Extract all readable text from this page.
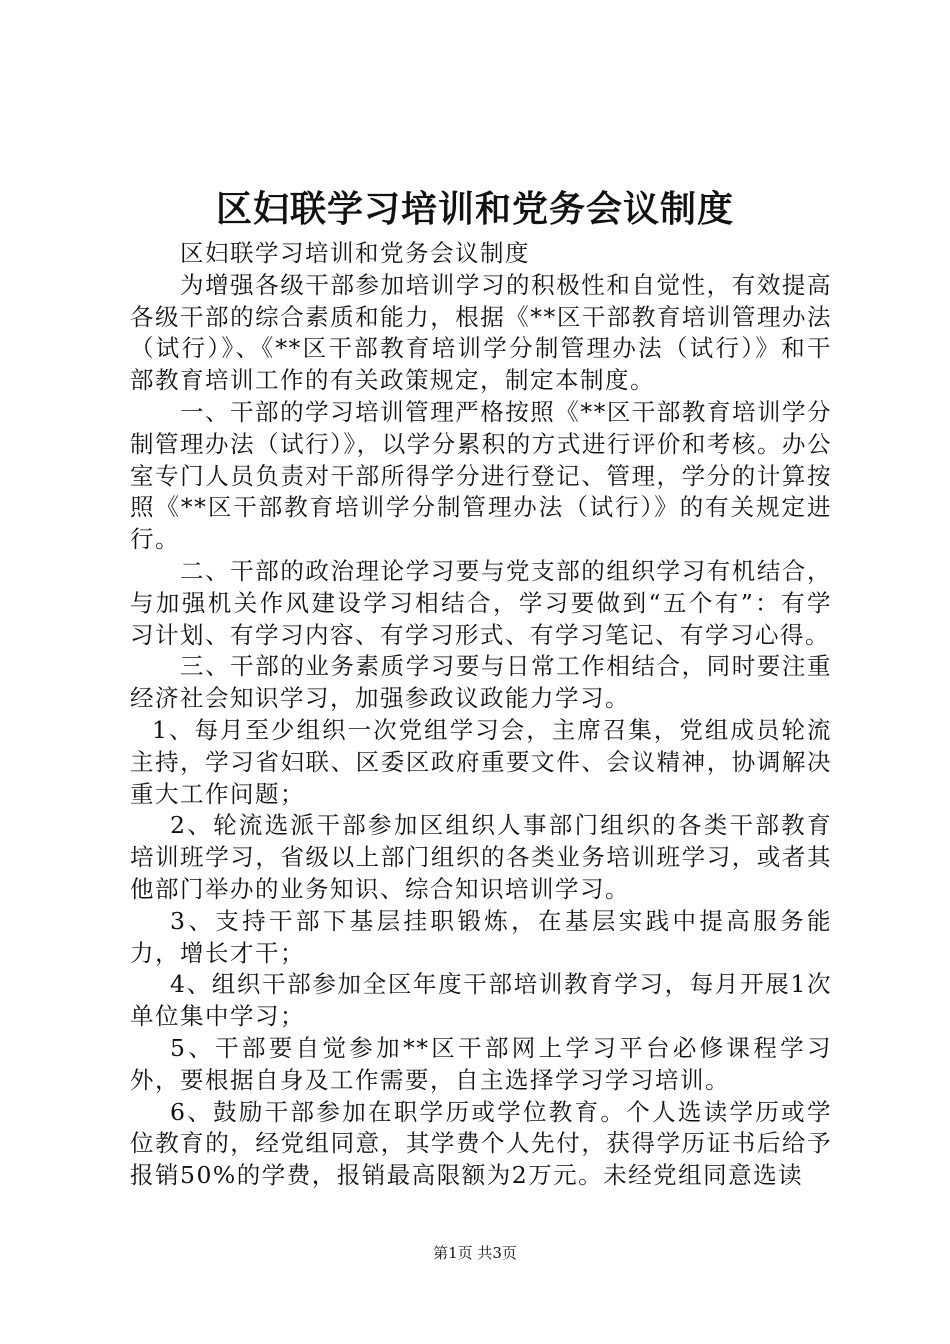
区妇联学习培训和党务会议制度

区妇联学习培训和党务会议制度

为增强各级干部参加培训学习的积极性和自觉性，有效提高各级干部的综合素质和能力，根据《**区干部教育培训管理办法（试行）》、《**区干部教育培训学分制管理办法（试行）》和干部教育培训工作的有关政策规定，制定本制度。

一、干部的学习培训管理严格按照《**区干部教育培训学分制管理办法（试行）》，以学分累积的方式进行评价和考核。办公室专门人员负责对干部所得学分进行登记、管理，学分的计算按照《**区干部教育培训学分制管理办法（试行）》的有关规定进行。

二、干部的政治理论学习要与党支部的组织学习有机结合，与加强机关作风建设学习相结合，学习要做到“五个有”：有学习计划、有学习内容、有学习形式、有学习笔记、有学习心得。

三、干部的业务素质学习要与日常工作相结合，同时要注重经济社会知识学习，加强参政议政能力学习。

1、每月至少组织一次党组学习会，主席召集，党组成员轮流主持，学习省妇联、区委区政府重要文件、会议精神，协调解决重大工作问题；

2、轮流选派干部参加区组织人事部门组织的各类干部教育培训班学习，省级以上部门组织的各类业务培训班学习，或者其他部门举办的业务知识、综合知识培训学习。

3、支持干部下基层挂职锻炼，在基层实践中提高服务能力，增长才干；

4、组织干部参加全区年度干部培训教育学习，每月开展1次单位集中学习；

5、干部要自觉参加**区干部网上学习平台必修课程学习外，要根据自身及工作需要，自主选择学习学习培训。

6、鼓励干部参加在职学历或学位教育。个人选读学历或学位教育的，经党组同意，其学费个人先付，获得学历证书后给予报销50%的学费，报销最高限额为2万元。未经党组同意选读

第1页 共3页
